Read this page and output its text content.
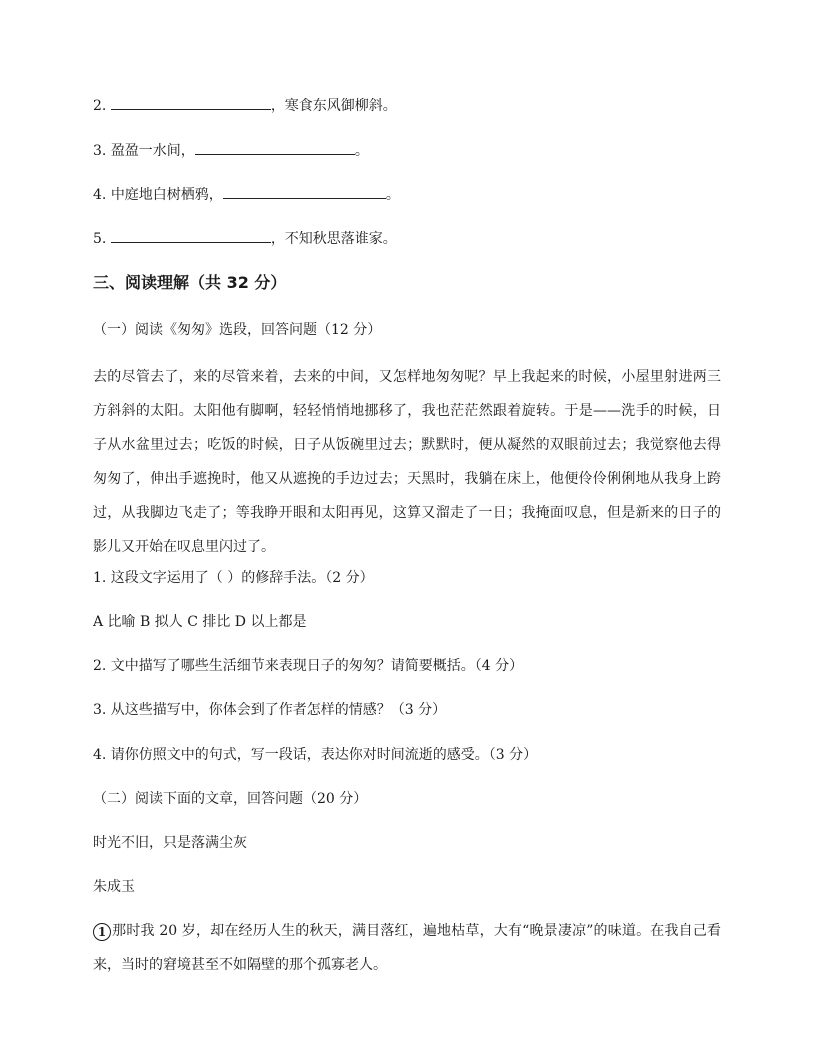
2.	，寒食东风御柳斜。
3. 盈盈一水间，	。
4. 中庭地白树栖鸦，	。
5.	，不知秋思落谁家。
三、阅读理解（共 32 分）
（一）阅读《匆匆》选段，回答问题（12 分）
去的尽管去了，来的尽管来着，去来的中间，又怎样地匆匆呢？早上我起来的时候，小屋里射进两三方斜斜的太阳。太阳他有脚啊，轻轻悄悄地挪移了，我也茫茫然跟着旋转。于是——洗手的时候，日子从水盆里过去；吃饭的时候，日子从饭碗里过去；默默时，便从凝然的双眼前过去；我觉察他去得匆匆了，伸出手遮挽时，他又从遮挽的手边过去；天黑时，我躺在床上，他便伶伶俐俐地从我身上跨过，从我脚边飞走了；等我睁开眼和太阳再见，这算又溜走了一日；我掩面叹息，但是新来的日子的影儿又开始在叹息里闪过了。
1. 这段文字运用了（ ）的修辞手法。（2 分）
A 比喻 B 拟人 C 排比 D 以上都是
2. 文中描写了哪些生活细节来表现日子的匆匆？请简要概括。（4 分）
3. 从这些描写中，你体会到了作者怎样的情感？（3 分）
4. 请你仿照文中的句式，写一段话，表达你对时间流逝的感受。（3 分）
（二）阅读下面的文章，回答问题（20 分）
时光不旧，只是落满尘灰
朱成玉
1 那时我 20 岁，却在经历人生的秋天，满目落红，遍地枯草，大有“晚景凄凉”的味道。在我自己看来，当时的窘境甚至不如隔壁的那个孤寡老人。
